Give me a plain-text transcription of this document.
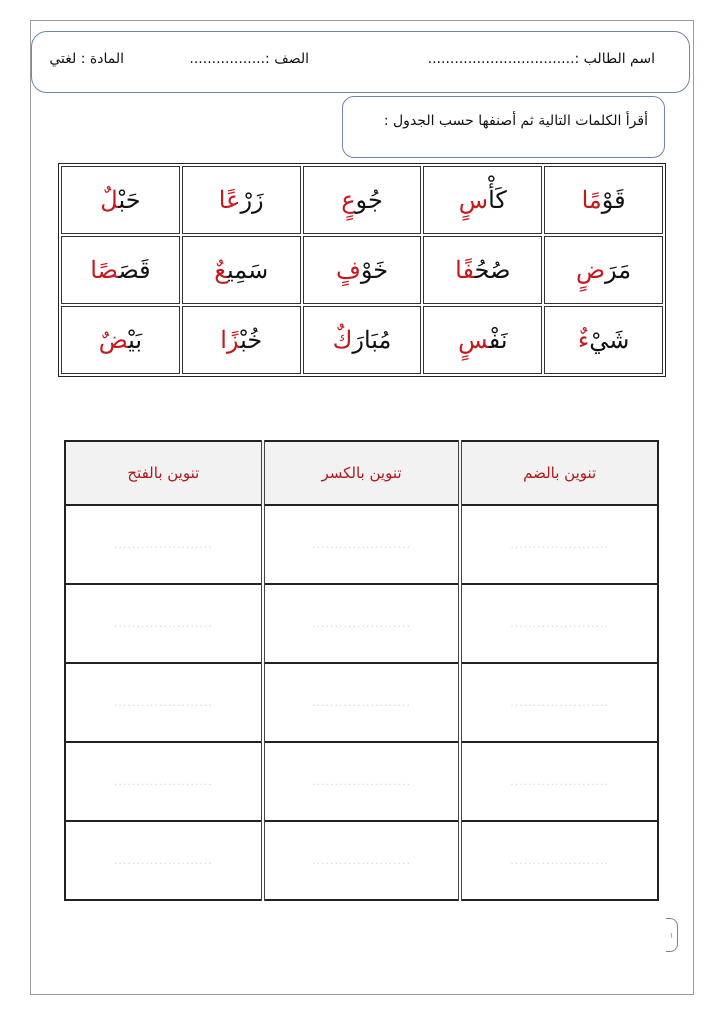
اسم الطالب :.................................
الصف :.................
المادة : لغتي
أقرأ الكلمات التالية ثم أصنفها حسب الجدول :
قَوْمًا	كَأْسٍ	جُوعٍ	زَرْعًا	حَبْلٌ
مَرَضٍ	صُحُفًا	خَوْفٍ	سَمِيعٌ	قَصَصًا
شَيْءٌ	نَفْسٍ	مُبَارَكٌ	خُبْزًا	بَيْضٌ
تنوين بالضم	تنوين بالكسر	تنوين بالفتح
......................	......................	......................
......................	......................	......................
......................	......................	......................
......................	......................	......................
......................	......................	......................
١
